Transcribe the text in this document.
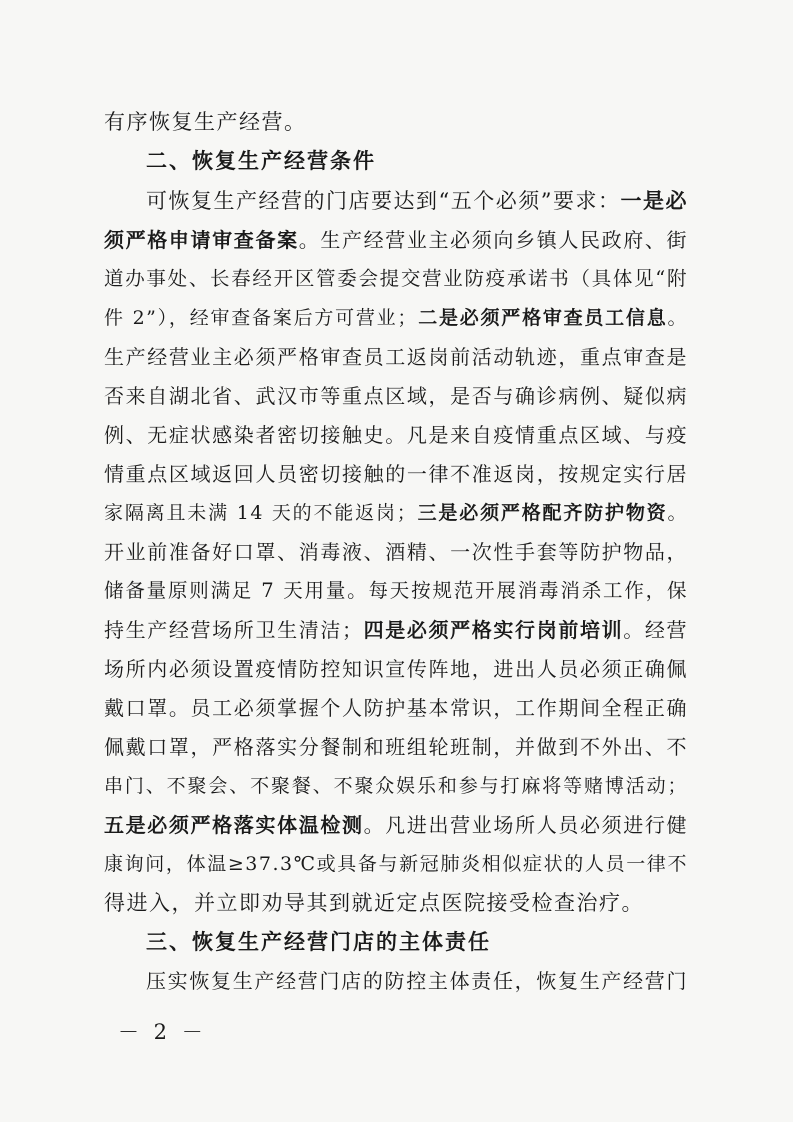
有序恢复生产经营。
二、恢复生产经营条件
可恢复生产经营的门店要达到“五个必须”要求：一是必
须严格申请审查备案。生产经营业主必须向乡镇人民政府、街
道办事处、长春经开区管委会提交营业防疫承诺书（具体见“附
件 2”），经审查备案后方可营业；二是必须严格审查员工信息。
生产经营业主必须严格审查员工返岗前活动轨迹，重点审查是
否来自湖北省、武汉市等重点区域，是否与确诊病例、疑似病
例、无症状感染者密切接触史。凡是来自疫情重点区域、与疫
情重点区域返回人员密切接触的一律不准返岗，按规定实行居
家隔离且未满 14 天的不能返岗；三是必须严格配齐防护物资。
开业前准备好口罩、消毒液、酒精、一次性手套等防护物品，
储备量原则满足 7 天用量。每天按规范开展消毒消杀工作，保
持生产经营场所卫生清洁；四是必须严格实行岗前培训。经营
场所内必须设置疫情防控知识宣传阵地，进出人员必须正确佩
戴口罩。员工必须掌握个人防护基本常识，工作期间全程正确
佩戴口罩，严格落实分餐制和班组轮班制，并做到不外出、不
串门、不聚会、不聚餐、不聚众娱乐和参与打麻将等赌博活动；
五是必须严格落实体温检测。凡进出营业场所人员必须进行健
康询问，体温≥37.3℃或具备与新冠肺炎相似症状的人员一律不
得进入，并立即劝导其到就近定点医院接受检查治疗。
三、恢复生产经营门店的主体责任
压实恢复生产经营门店的防控主体责任，恢复生产经营门
－ 2 －
